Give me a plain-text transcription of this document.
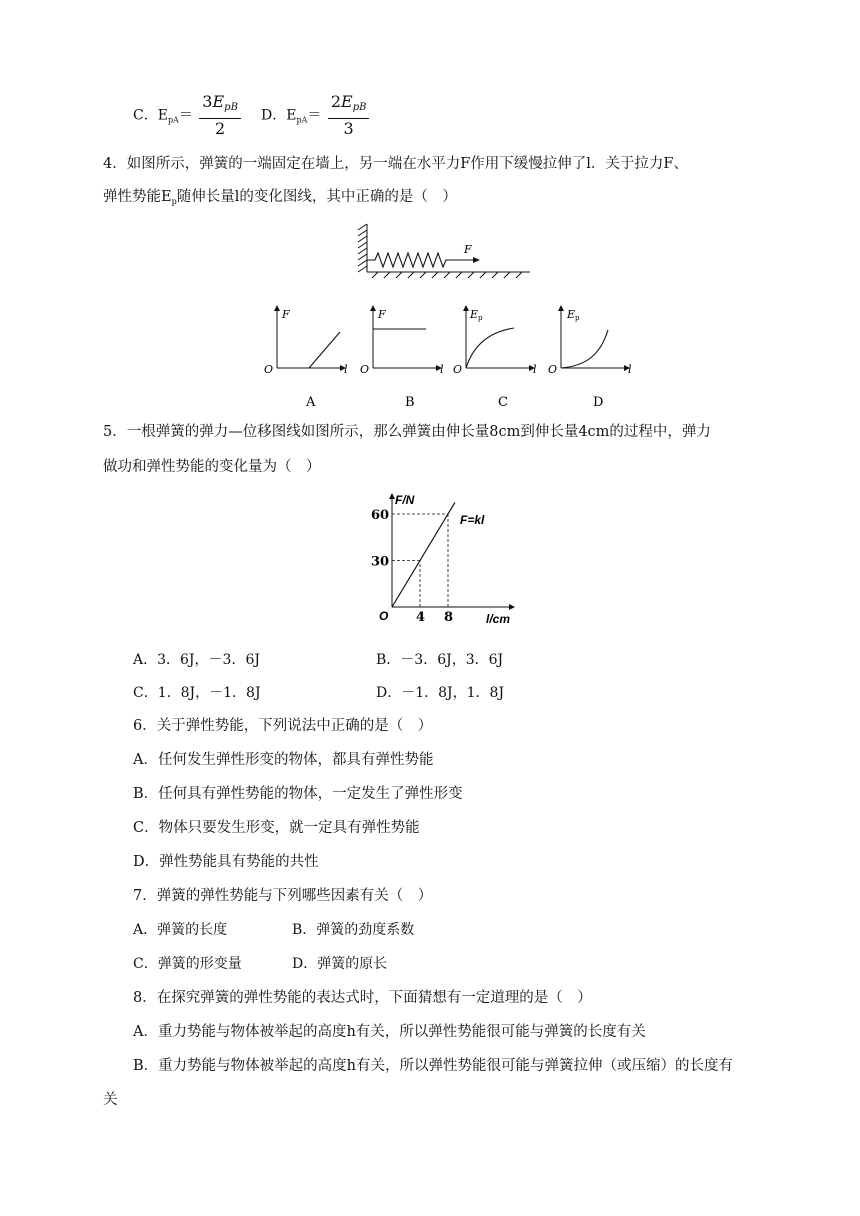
C．$E_{pA}= \frac{\text{3EpB}}{2}$ D．$E_{pA}= \frac{\text{2EpB}}{3}$
4．如图所示，弹簧的一端固定在墙上，另一端在水平力F作用下缓慢拉伸了l．关于拉力F、
弹性势能$E_p$随伸长量l的变化图线，其中正确的是（　）
F
F
l
O
A
F
l
O
B
Ep
l
O
C
Ep
l
O
D
5．一根弹簧的弹力—位移图线如图所示，那么弹簧由伸长量8cm到伸长量4cm的过程中，弹力
做功和弹性势能的变化量为（　）
4 8
30
60
F/N
l/cm
O
F=kl
A．3．6J，－3．6J	B．－3．6J，3．6J
C．1．8J，－1．8J	D．－1．8J，1．8J
6．关于弹性势能，下列说法中正确的是（　）
A．任何发生弹性形变的物体，都具有弹性势能
B．任何具有弹性势能的物体，一定发生了弹性形变
C．物体只要发生形变，就一定具有弹性势能
D．弹性势能具有势能的共性
7．弹簧的弹性势能与下列哪些因素有关（　）
A．弹簧的长度	B．弹簧的劲度系数
C．弹簧的形变量	D．弹簧的原长
8．在探究弹簧的弹性势能的表达式时，下面猜想有一定道理的是（　）
A．重力势能与物体被举起的高度h有关，所以弹性势能很可能与弹簧的长度有关
B．重力势能与物体被举起的高度h有关，所以弹性势能很可能与弹簧拉伸（或压缩）的长度有
关
